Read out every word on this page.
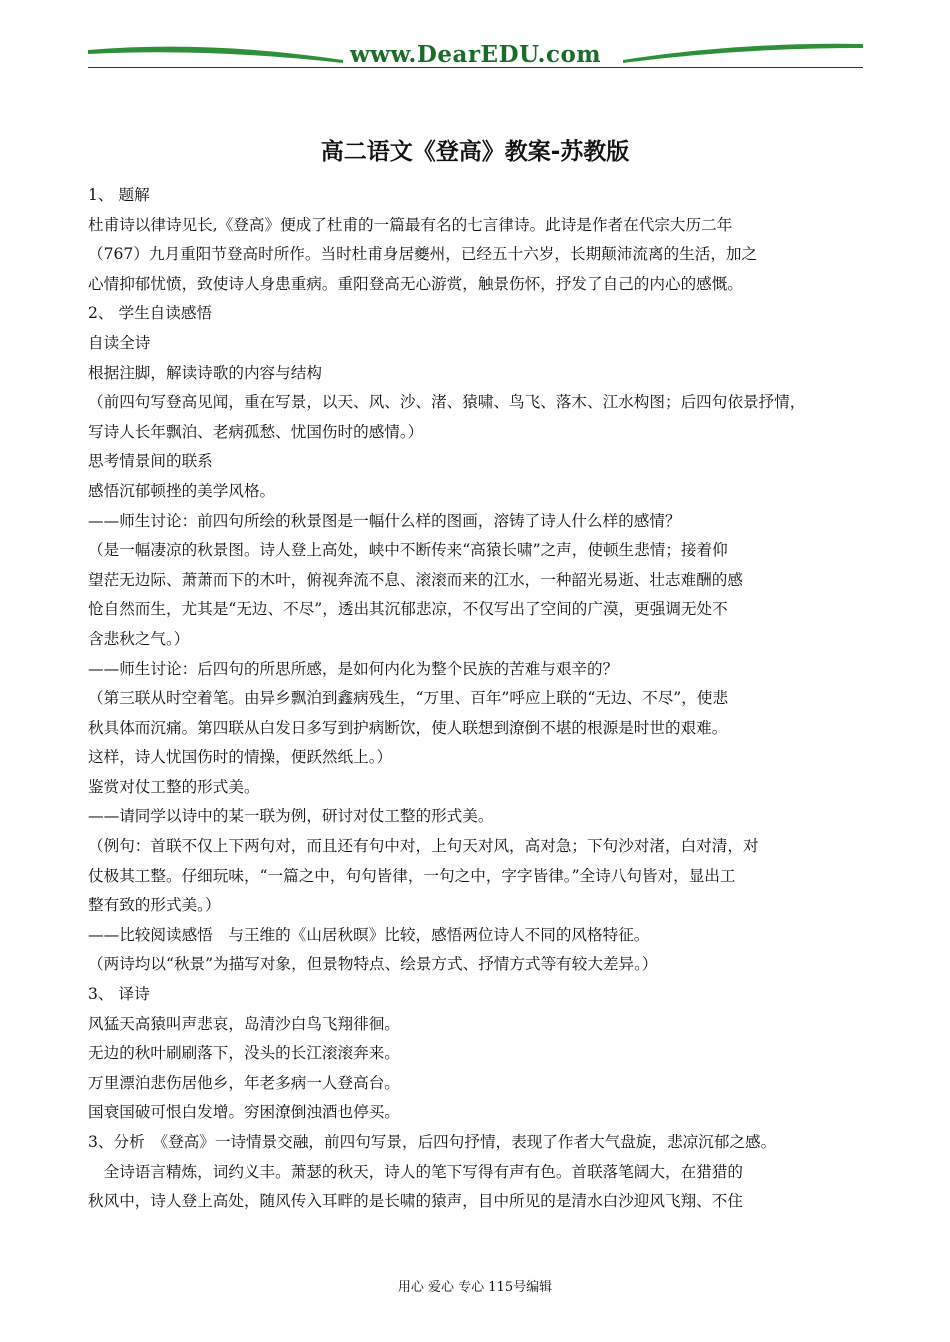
www.DearEDU.com
高二语文《登高》教案-苏教版

1、 题解

杜甫诗以律诗见长,《登高》便成了杜甫的一篇最有名的七言律诗。此诗是作者在代宗大历二年

（767）九月重阳节登高时所作。当时杜甫身居夔州，已经五十六岁，长期颠沛流离的生活，加之

心情抑郁忧愤，致使诗人身患重病。重阳登高无心游赏，触景伤怀，抒发了自己的内心的感慨。

2、 学生自读感悟

自读全诗

根据注脚，解读诗歌的内容与结构

（前四句写登高见闻，重在写景，以天、风、沙、渚、猿啸、鸟飞、落木、江水构图；后四句依景抒情，

写诗人长年飘泊、老病孤愁、忧国伤时的感情。）

思考情景间的联系

感悟沉郁顿挫的美学风格。

——师生讨论：前四句所绘的秋景图是一幅什么样的图画，溶铸了诗人什么样的感情？

（是一幅凄凉的秋景图。诗人登上高处，峡中不断传来“高猿长啸”之声，使顿生悲情；接着仰

望茫无边际、萧萧而下的木叶，俯视奔流不息、滚滚而来的江水，一种韶光易逝、壮志难酬的感

怆自然而生，尤其是“无边、不尽”，透出其沉郁悲凉，不仅写出了空间的广漠，更强调无处不

含悲秋之气。）

——师生讨论：后四句的所思所感，是如何内化为整个民族的苦难与艰辛的？

（第三联从时空着笔。由异乡飘泊到鑫病残生，“万里、百年”呼应上联的“无边、不尽”，使悲

秋具体而沉痛。第四联从白发日多写到护病断饮，使人联想到潦倒不堪的根源是时世的艰难。

这样，诗人忧国伤时的情操，便跃然纸上。）

鉴赏对仗工整的形式美。

——请同学以诗中的某一联为例，研讨对仗工整的形式美。

（例句：首联不仅上下两句对，而且还有句中对，上句天对风，高对急；下句沙对渚，白对清，对

仗极其工整。仔细玩味，“一篇之中，句句皆律，一句之中，字字皆律。”全诗八句皆对，显出工

整有致的形式美。）

——比较阅读感悟　与王维的《山居秋暝》比较，感悟两位诗人不同的风格特征。

（两诗均以“秋景”为描写对象，但景物特点、绘景方式、抒情方式等有较大差异。）

3、 译诗

风猛天高猿叫声悲哀，岛清沙白鸟飞翔徘徊。

无边的秋叶刷刷落下，没头的长江滚滚奔来。

万里漂泊悲伤居他乡，年老多病一人登高台。

国衰国破可恨白发增。穷困潦倒浊酒也停买。

3、分析　《登高》一诗情景交融，前四句写景，后四句抒情，表现了作者大气盘旋，悲凉沉郁之感。

　全诗语言精炼，词约义丰。萧瑟的秋天，诗人的笔下写得有声有色。首联落笔阔大，在猎猎的

秋风中，诗人登上高处，随风传入耳畔的是长啸的猿声，目中所见的是清水白沙迎风飞翔、不住

用心 爱心 专心 115号编辑
